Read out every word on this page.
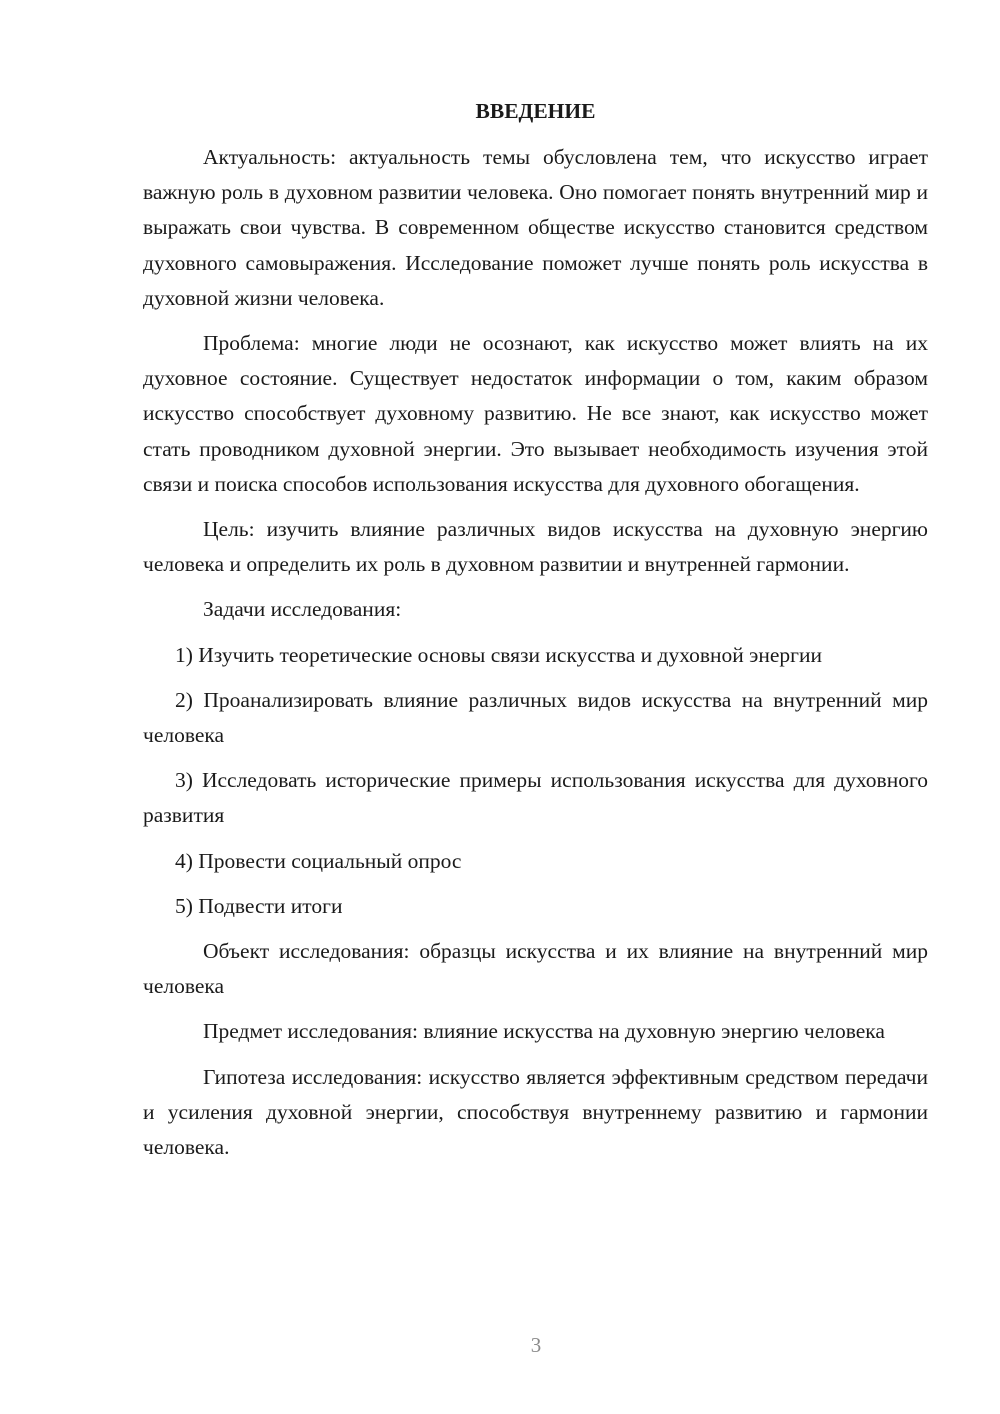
ВВЕДЕНИЕ

Актуальность: актуальность темы обусловлена тем, что искусство играет важную роль в духовном развитии человека. Оно помогает понять внутренний мир и выражать свои чувства. В современном обществе искусство становится средством духовного самовыражения. Исследование поможет лучше понять роль искусства в духовной жизни человека.

Проблема: многие люди не осознают, как искусство может влиять на их духовное состояние. Существует недостаток информации о том, каким образом искусство способствует духовному развитию. Не все знают, как искусство может стать проводником духовной энергии. Это вызывает необходимость изучения этой связи и поиска способов использования искусства для духовного обогащения.

Цель: изучить влияние различных видов искусства на духовную энергию человека и определить их роль в духовном развитии и внутренней гармонии.

Задачи исследования:

1) Изучить теоретические основы связи искусства и духовной энергии

2) Проанализировать влияние различных видов искусства на внутренний мир человека

3) Исследовать исторические примеры использования искусства для духовного развития

4) Провести социальный опрос

5) Подвести итоги

Объект исследования: образцы искусства и их влияние на внутренний мир человека

Предмет исследования: влияние искусства на духовную энергию человека

Гипотеза исследования: искусство является эффективным средством передачи и усиления духовной энергии, способствуя внутреннему развитию и гармонии человека.

3
